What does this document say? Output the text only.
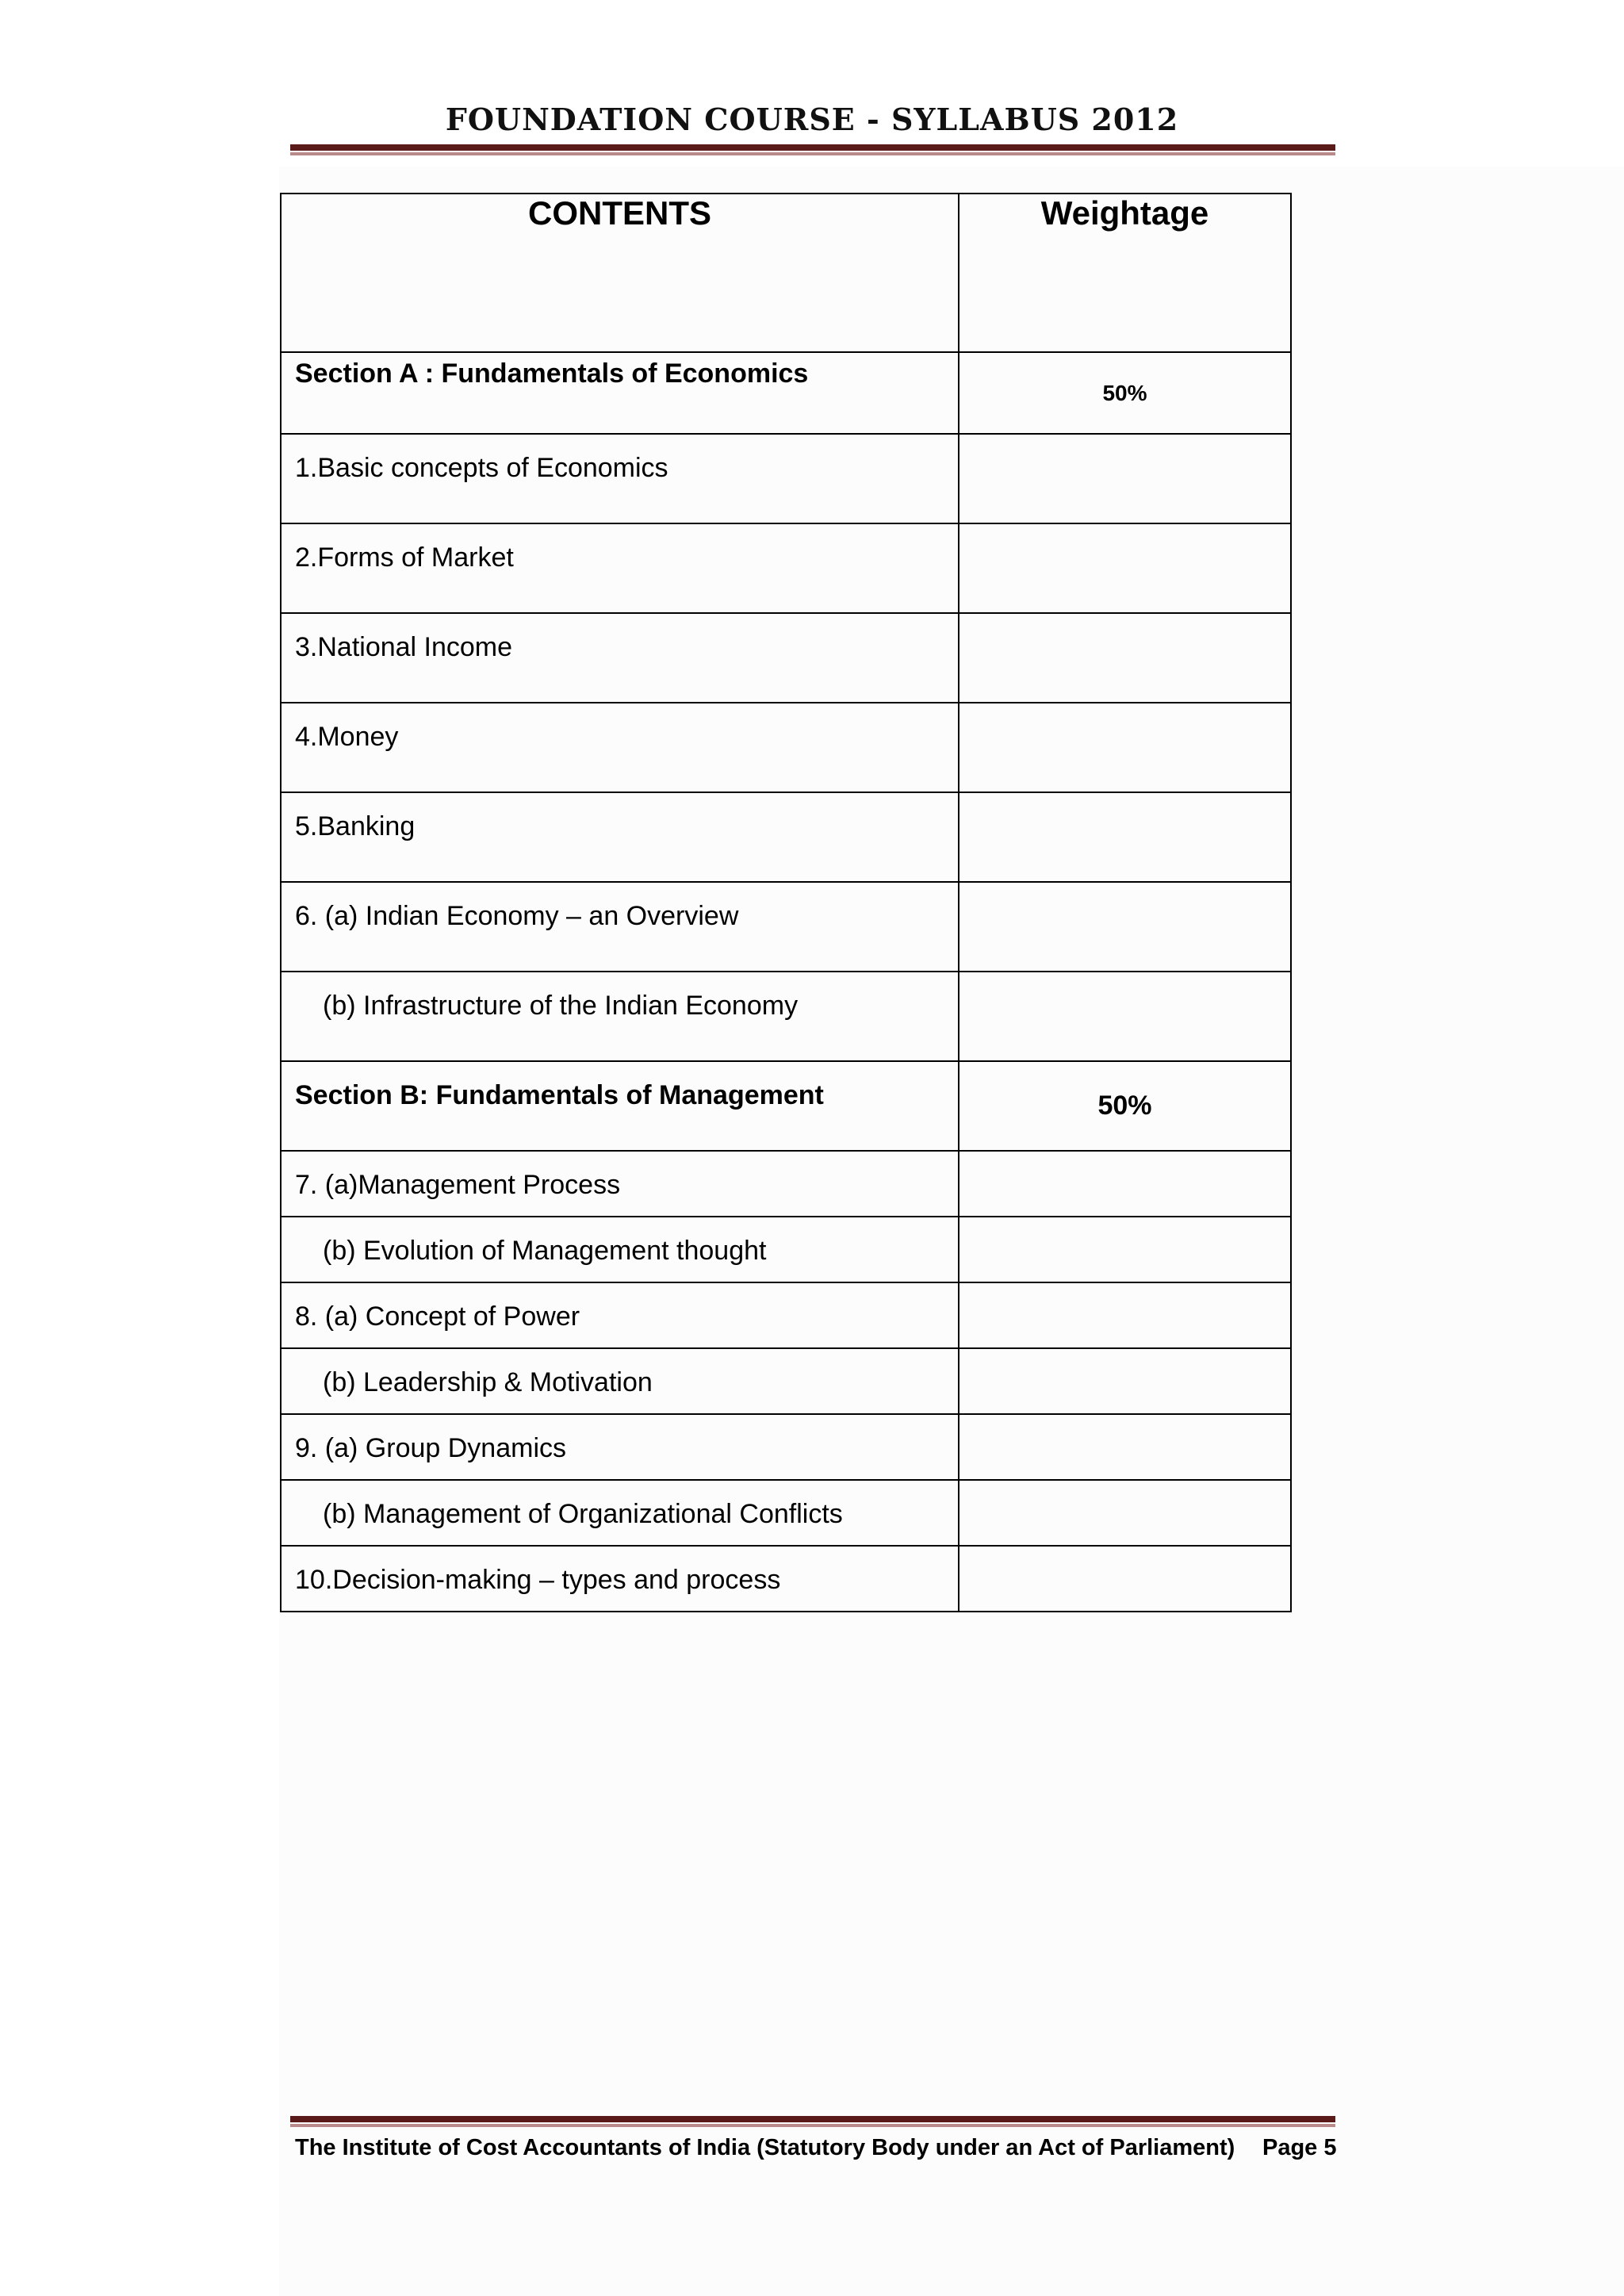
FOUNDATION COURSE - SYLLABUS 2012
CONTENTS	Weightage
Section A : Fundamentals of Economics	50%
1.Basic concepts of Economics	
2.Forms of Market	
3.National Income	
4.Money	
5.Banking	
6. (a) Indian Economy – an Overview	
(b) Infrastructure of the Indian Economy	
Section B: Fundamentals of Management	50%
7. (a)Management Process	
(b) Evolution of Management thought	
8. (a) Concept of Power	
(b) Leadership & Motivation	
9. (a) Group Dynamics	
(b) Management of Organizational Conflicts	
10.Decision-making – types and process	
The Institute of Cost Accountants of India (Statutory Body under an Act of Parliament) Page 5
